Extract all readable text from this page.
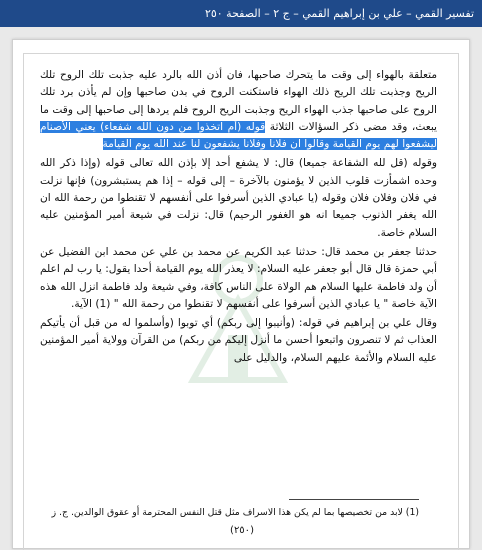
تفسير القمي – علي بن إبراهيم القمي – ج ٢ – الصفحة ٢٥٠

متعلقة بالهواء إلى وقت ما يتحرك صاحبها، فان أذن الله بالرد عليه جذبت تلك الروح تلك الريح وجذبت تلك الريح ذلك الهواء فاستكنت الروح في بدن صاحبها وإن لم يأذن برد تلك الروح على صاحبها جذب الهواء الريح وجذبت الريح الروح فلم يردها إلى صاحبها إلى وقت ما يبعث، وقد مضى ذكر السؤالات الثلاثة قوله (أم اتخذوا من دون الله شفعاء) يعني الأصنام ليشفعوا لهم يوم القيامة وقالوا ان فلانا وفلانا يشفعون لنا عند الله يوم القيامة

وقوله (قل لله الشفاعة جميعا) قال: لا يشفع أحد إلا بإذن الله تعالى قوله (وإذا ذكر الله وحده اشمأزت قلوب الذين لا يؤمنون بالآخرة – إلى قوله – إذا هم يستبشرون) فإنها نزلت في فلان وفلان فلان وقوله (يا عبادي الذين أسرفوا على أنفسهم لا تقنطوا من رحمة الله ان الله يغفر الذنوب جميعا انه هو الغفور الرحيم) قال: نزلت في شيعة أمير المؤمنين عليه السلام خاصة.

حدثنا جعفر بن محمد قال: حدثنا عبد الكريم عن محمد بن علي عن محمد ابن الفضيل عن أبي حمزة قال قال أبو جعفر عليه السلام: لا يعذر الله يوم القيامة أحدا يقول: يا رب لم اعلم أن ولد فاطمة عليها السلام هم الولاة على الناس كافة، وفي شيعة ولد فاطمة انزل الله هذه الآية خاصة " يا عبادي الذين أسرفوا على أنفسهم لا تقنطوا من رحمة الله " (1) الآية.

وقال علي بن إبراهيم في قوله: (وأنيبوا إلى ربكم) أي توبوا (وأسلموا له من قبل أن يأتيكم العذاب ثم لا تنصرون واتبعوا أحسن ما أنزل إليكم من ربكم) من القرآن وولاية أمير المؤمنين عليه السلام والأئمة عليهم السلام، والدليل على

(1) لابد من تخصيصها بما لم يكن هذا الاسراف مثل قتل النفس المحترمة أو عقوق الوالدين. ج. ز
(٢٥٠)
